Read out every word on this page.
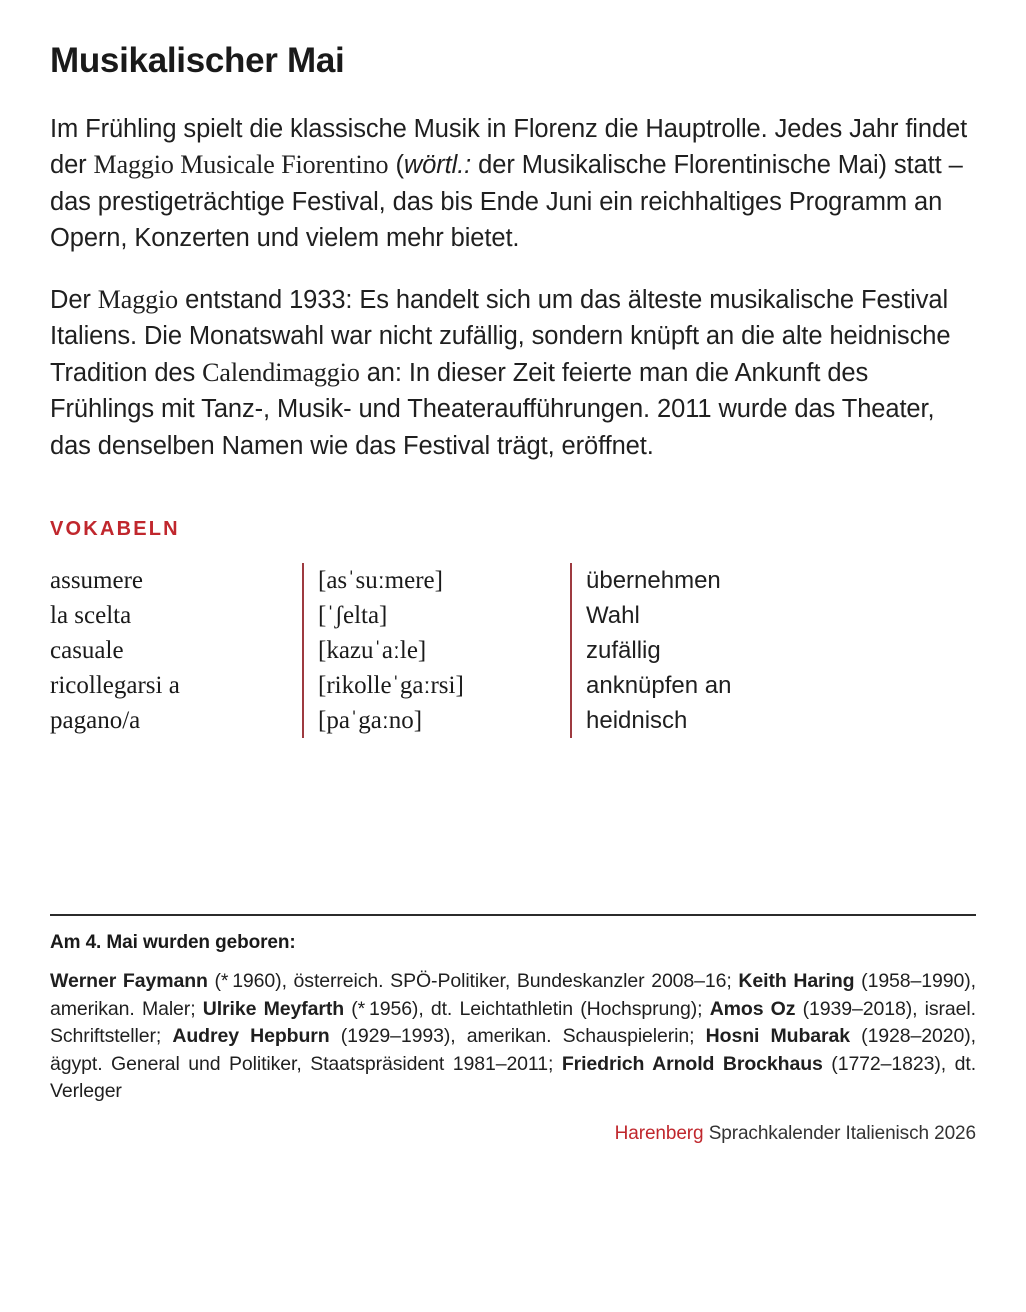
Musikalischer Mai

Im Frühling spielt die klassische Musik in Florenz die Hauptrolle. Jedes Jahr findet der Maggio Musicale Fiorentino (wörtl.: der Musikalische Florentinische Mai) statt – das prestigeträchtige Festival, das bis Ende Juni ein reichhaltiges Programm an Opern, Konzerten und vielem mehr bietet.

Der Maggio entstand 1933: Es handelt sich um das älteste musikalische Festival Italiens. Die Monatswahl war nicht zufällig, sondern knüpft an die alte heidnische Tradition des Calendimaggio an: In dieser Zeit feierte man die Ankunft des Frühlings mit Tanz-, Musik- und Theateraufführungen. 2011 wurde das Theater, das denselben Namen wie das Festival trägt, eröffnet.

VOKABELN
assumere	[asˈsuːmere]	übernehmen
la scelta	[ˈʃelta]	Wahl
casuale	[kazuˈaːle]	zufällig
ricollegarsi a	[rikolleˈgaːrsi]	anknüpfen an
pagano/a	[paˈgaːno]	heidnisch

Am 4. Mai wurden geboren:

Werner Faymann (* 1960), österreich. SPÖ-Politiker, Bundeskanzler 2008–16; Keith Haring (1958–1990), amerikan. Maler; Ulrike Meyfarth (* 1956), dt. Leichtathletin (Hochsprung); Amos Oz (1939–2018), israel. Schriftsteller; Audrey Hepburn (1929–1993), amerikan. Schauspielerin; Hosni Mubarak (1928–2020), ägypt. General und Politiker, Staatspräsident 1981–2011; Friedrich Arnold Brockhaus (1772–1823), dt. Verleger

Harenberg Sprachkalender Italienisch 2026
